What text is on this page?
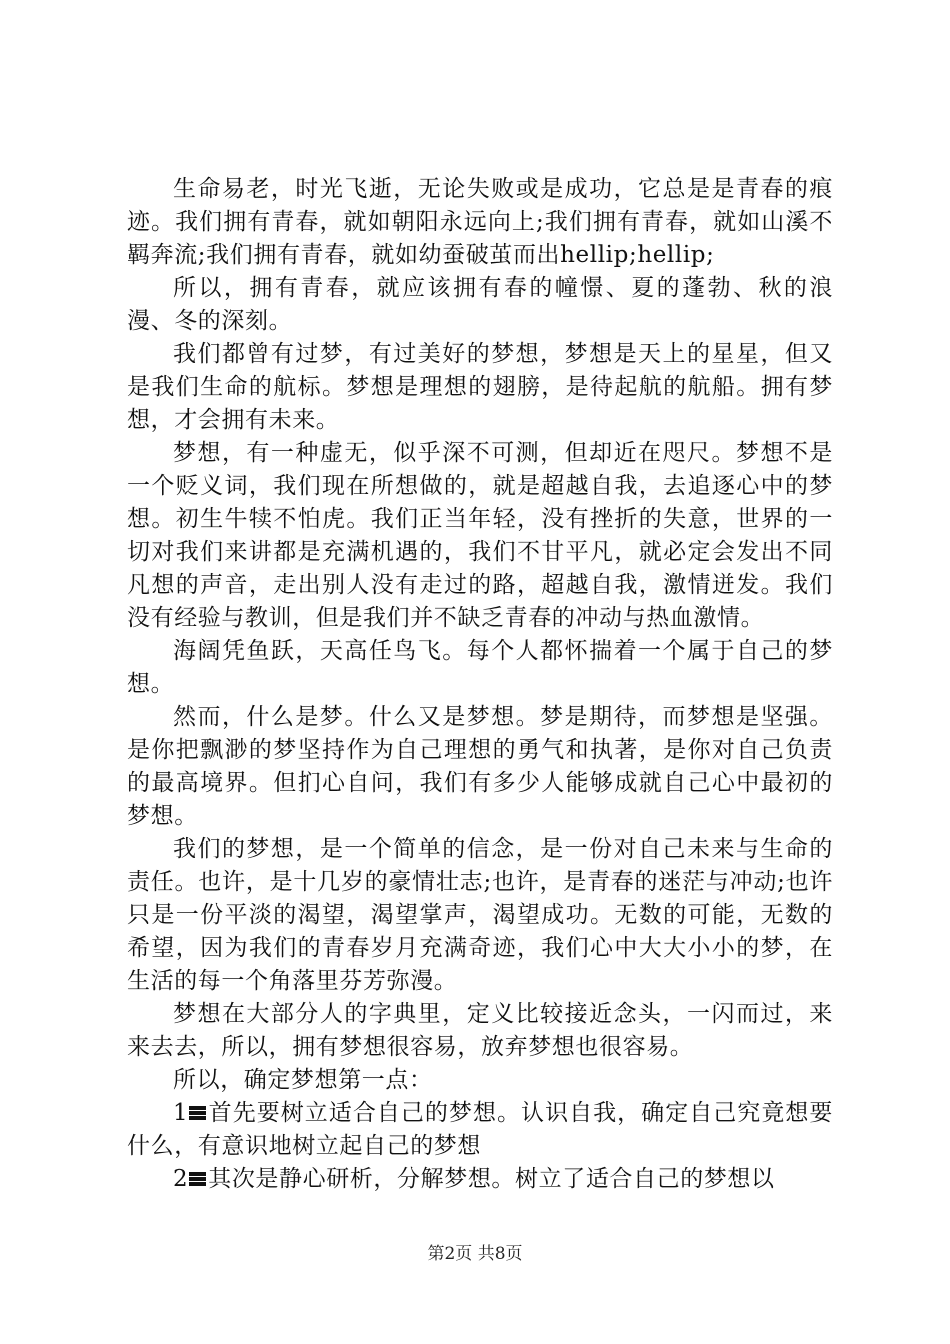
生命易老，时光飞逝，无论失败或是成功，它总是是青春的痕迹。我们拥有青春，就如朝阳永远向上;我们拥有青春，就如山溪不羁奔流;我们拥有青春，就如幼蚕破茧而出hellip;hellip;

所以，拥有青春，就应该拥有春的幢憬、夏的蓬勃、秋的浪漫、冬的深刻。

我们都曾有过梦，有过美好的梦想，梦想是天上的星星，但又是我们生命的航标。梦想是理想的翅膀，是待起航的航船。拥有梦想，才会拥有未来。

梦想，有一种虚无，似乎深不可测，但却近在咫尺。梦想不是一个贬义词，我们现在所想做的，就是超越自我，去追逐心中的梦想。初生牛犊不怕虎。我们正当年轻，没有挫折的失意，世界的一切对我们来讲都是充满机遇的，我们不甘平凡，就必定会发出不同凡想的声音，走出别人没有走过的路，超越自我，激情迸发。我们没有经验与教训，但是我们并不缺乏青春的冲动与热血激情。

海阔凭鱼跃，天高任鸟飞。每个人都怀揣着一个属于自己的梦想。

然而，什么是梦。什么又是梦想。梦是期待，而梦想是坚强。是你把飘渺的梦坚持作为自己理想的勇气和执著，是你对自己负责的最高境界。但扪心自问，我们有多少人能够成就自己心中最初的梦想。

我们的梦想，是一个简单的信念，是一份对自己未来与生命的责任。也许，是十几岁的豪情壮志;也许，是青春的迷茫与冲动;也许只是一份平淡的渴望，渴望掌声，渴望成功。无数的可能，无数的希望，因为我们的青春岁月充满奇迹，我们心中大大小小的梦，在生活的每一个角落里芬芳弥漫。

梦想在大部分人的字典里，定义比较接近念头，一闪而过，来来去去，所以，拥有梦想很容易，放弃梦想也很容易。

所以，确定梦想第一点：

1 首先要树立适合自己的梦想。认识自我，确定自己究竟想要什么，有意识地树立起自己的梦想

2 其次是静心研析，分解梦想。树立了适合自己的梦想以

第2页 共8页
